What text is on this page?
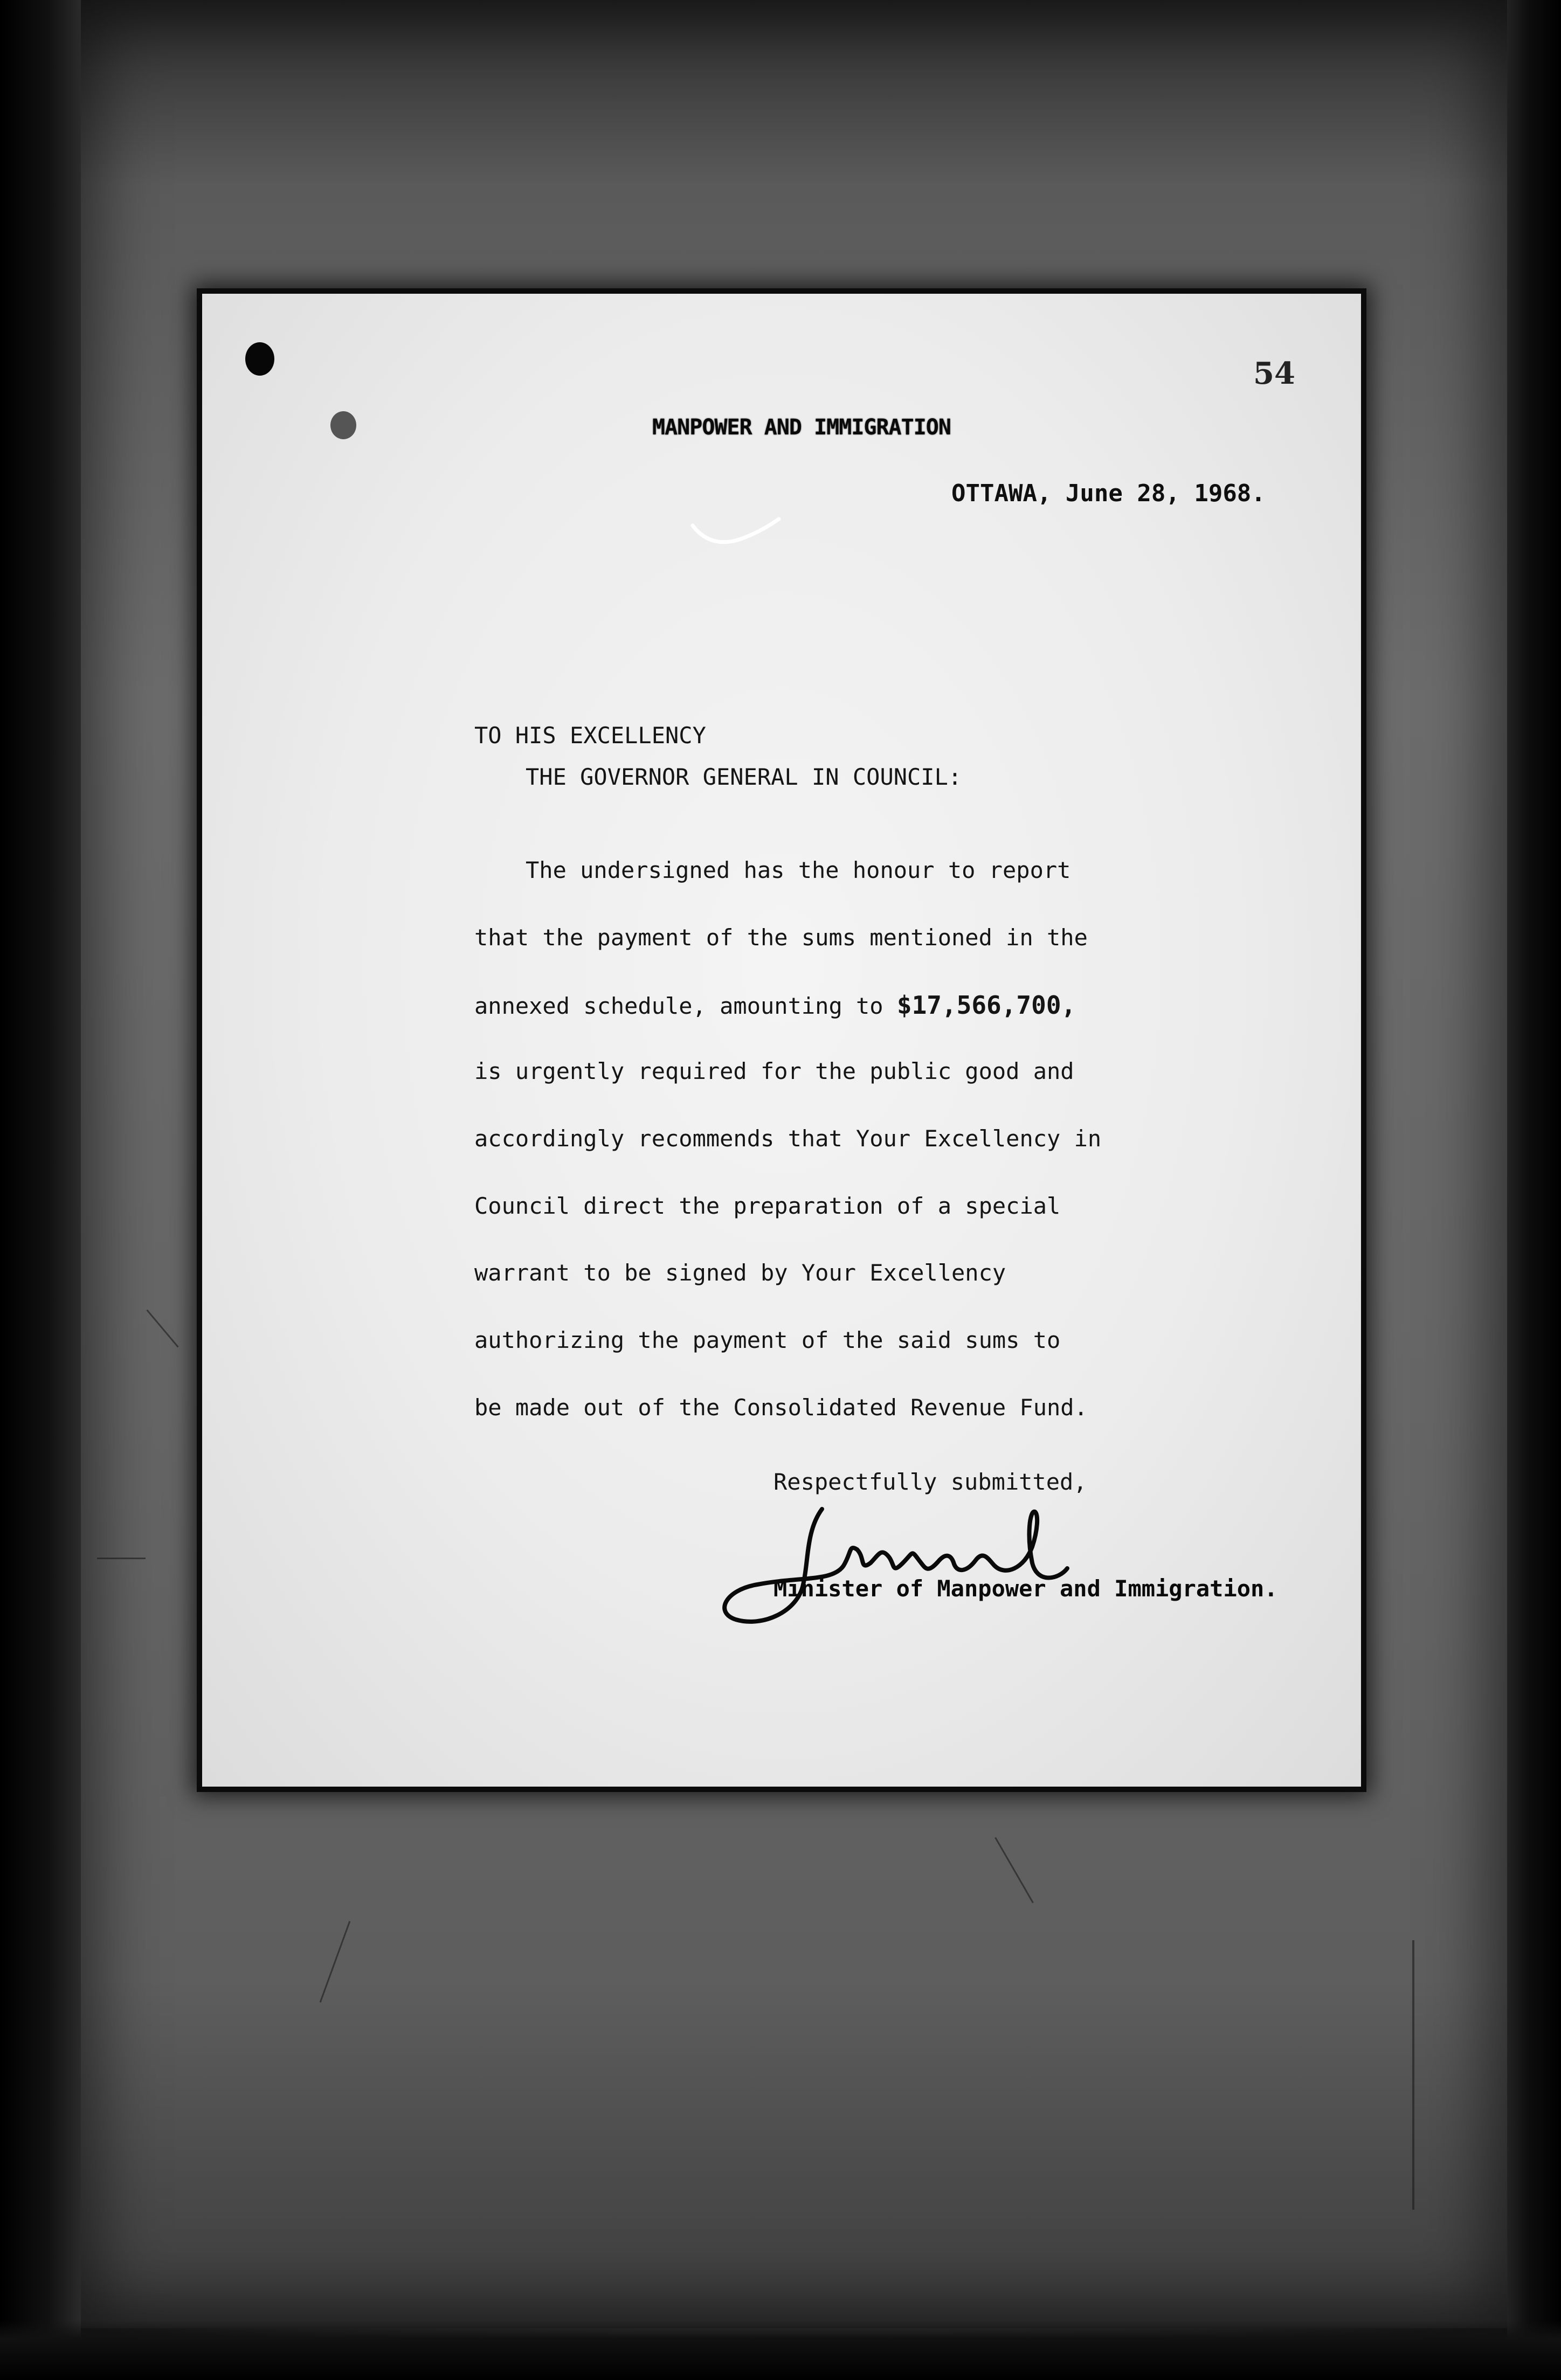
54
MANPOWER AND IMMIGRATION
OTTAWA, June 28, 1968.
TO HIS EXCELLENCY
THE GOVERNOR GENERAL IN COUNCIL:
The undersigned has the honour to report
that the payment of the sums mentioned in the
annexed schedule, amounting to $17,566,700,
is urgently required for the public good and
accordingly recommends that Your Excellency in
Council direct the preparation of a special
warrant to be signed by Your Excellency
authorizing the payment of the said sums to
be made out of the Consolidated Revenue Fund.
Respectfully submitted,
Minister of Manpower and Immigration.
